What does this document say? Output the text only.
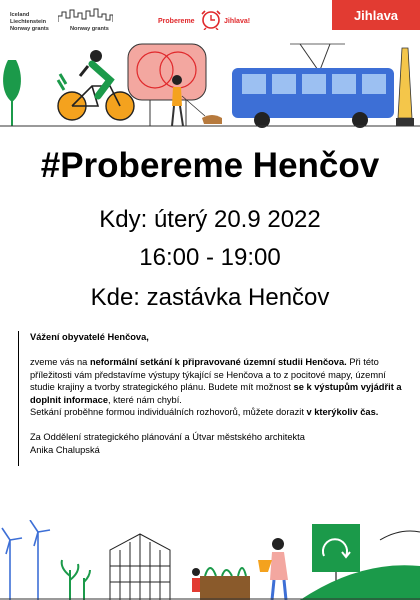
Iceland
Liechtenstein
Norway grants	Norway grants
Probereme	Jihlava!	Jihlava
#Probereme Henčov
Kdy: úterý 20.9 2022
16:00 - 19:00
Kde: zastávka Henčov

Vážení obyvatelé Henčova,

zveme vás na neformální setkání k připravované územní studii Henčova. Při této příležitosti vám představíme výstupy týkající se Henčova a to z pocitové mapy, územní studie krajiny a tvorby strategického plánu. Budete mít možnost se k výstupům vyjádřit a doplnit informace, které nám chybí.

Setkání proběhne formou individuálních rozhovorů, můžete dorazit v kterýkoliv čas.

Za Oddělení strategického plánování a Útvar městského architekta

Anika Chalupská
